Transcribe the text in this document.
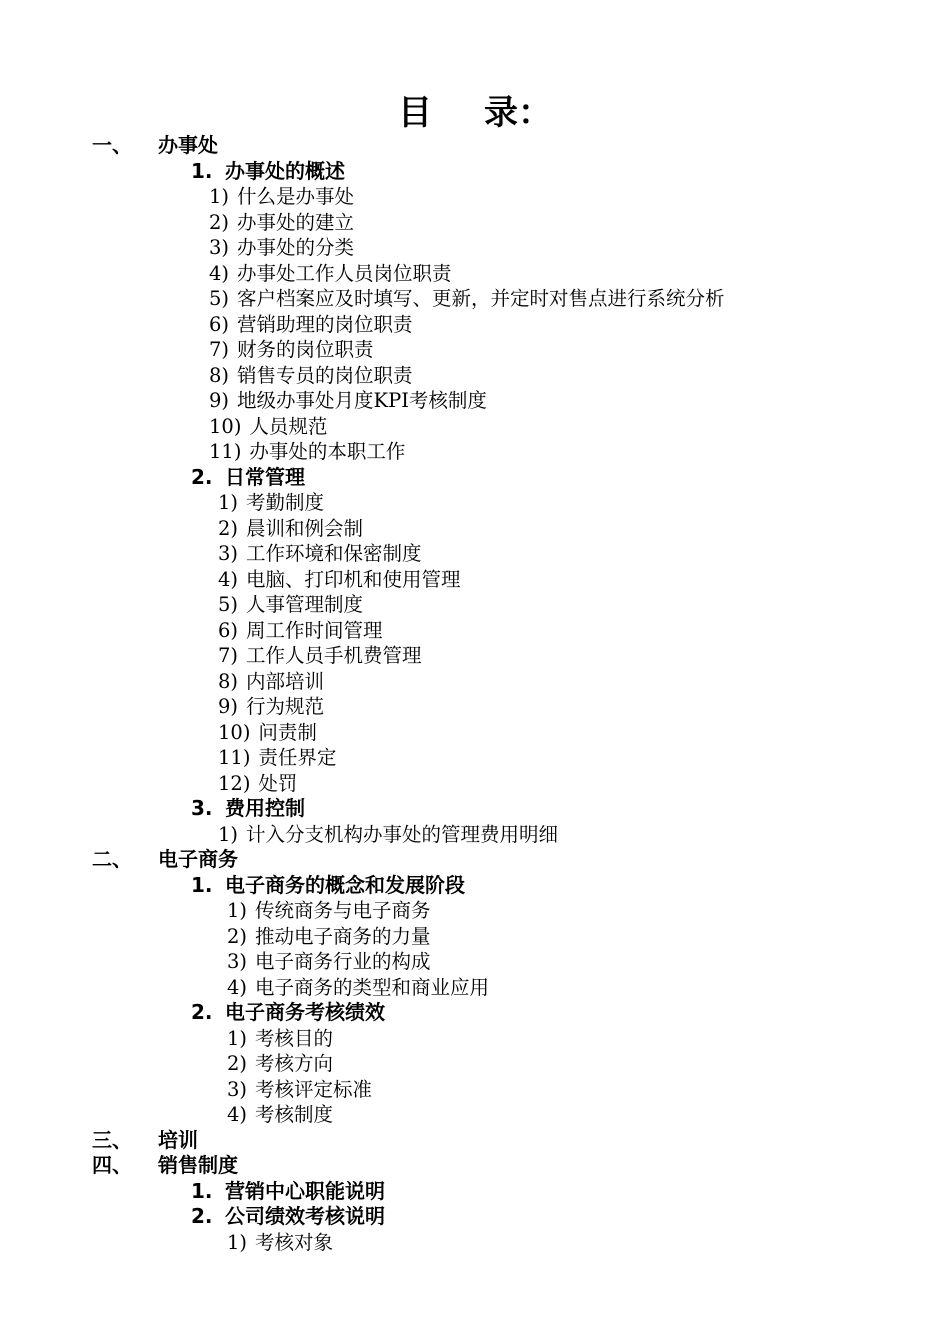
目 录：
一、 办事处
1. 办事处的概述
1) 什么是办事处
2) 办事处的建立
3) 办事处的分类
4) 办事处工作人员岗位职责
5) 客户档案应及时填写、更新，并定时对售点进行系统分析
6) 营销助理的岗位职责
7) 财务的岗位职责
8) 销售专员的岗位职责
9) 地级办事处月度KPI考核制度
10) 人员规范
11) 办事处的本职工作
2. 日常管理
1) 考勤制度
2) 晨训和例会制
3) 工作环境和保密制度
4) 电脑、打印机和使用管理
5) 人事管理制度
6) 周工作时间管理
7) 工作人员手机费管理
8) 内部培训
9) 行为规范
10) 问责制
11) 责任界定
12) 处罚
3. 费用控制
1) 计入分支机构办事处的管理费用明细
二、 电子商务
1. 电子商务的概念和发展阶段
1) 传统商务与电子商务
2) 推动电子商务的力量
3) 电子商务行业的构成
4) 电子商务的类型和商业应用
2. 电子商务考核绩效
1) 考核目的
2) 考核方向
3) 考核评定标准
4) 考核制度
三、 培训
四、 销售制度
1. 营销中心职能说明
2. 公司绩效考核说明
1) 考核对象
